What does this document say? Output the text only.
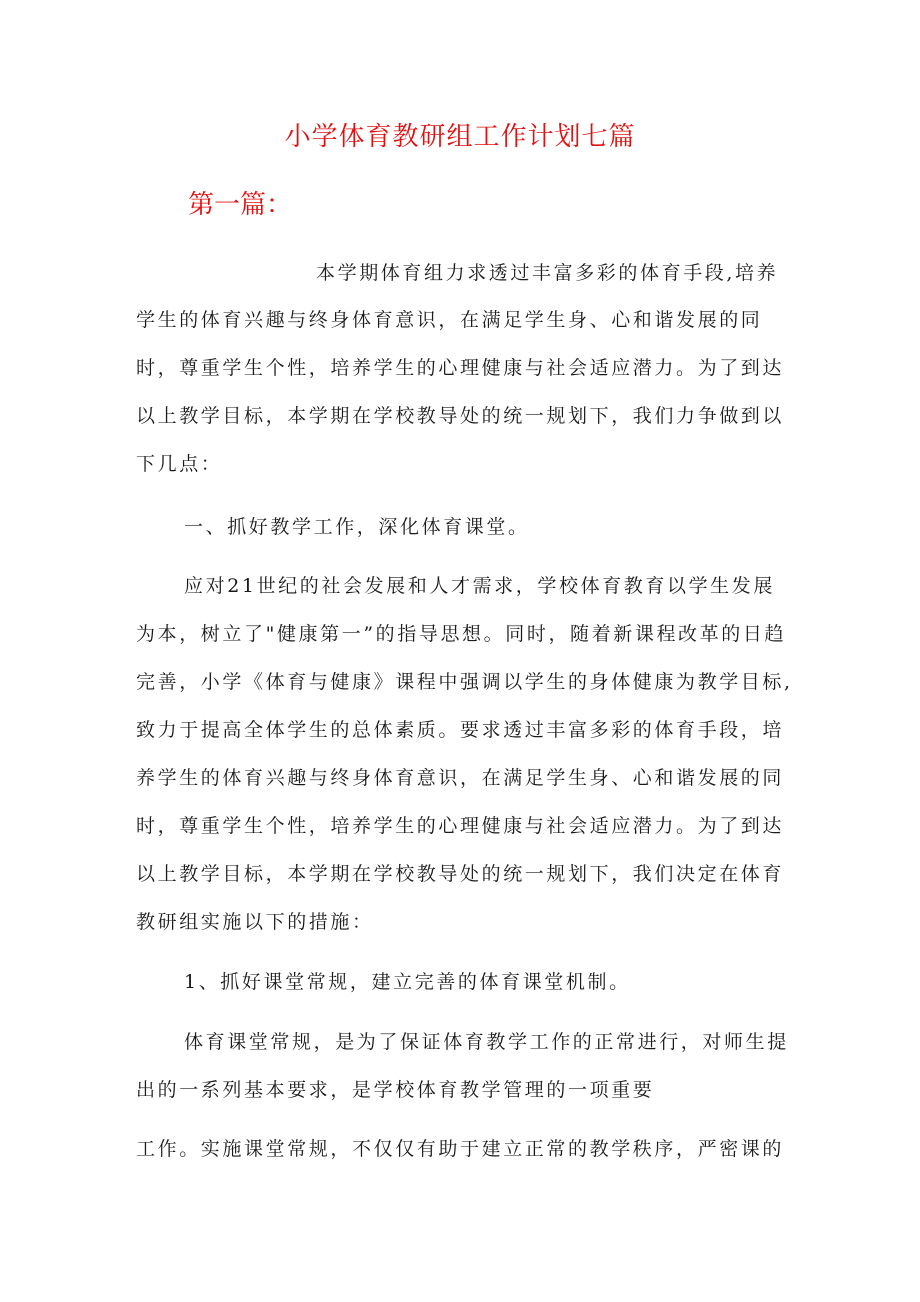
小学体育教研组工作计划七篇
第一篇：
本学期体育组力求透过丰富多彩的体育手段,培养
学生的体育兴趣与终身体育意识，在满足学生身、心和谐发展的同
时，尊重学生个性，培养学生的心理健康与社会适应潜力。为了到达
以上教学目标，本学期在学校教导处的统一规划下，我们力争做到以
下几点：
一、抓好教学工作，深化体育课堂。
应对21世纪的社会发展和人才需求，学校体育教育以学生发展
为本，树立了"健康第一”的指导思想。同时，随着新课程改革的日趋
完善，小学《体育与健康》课程中强调以学生的身体健康为教学目标,
致力于提高全体学生的总体素质。要求透过丰富多彩的体育手段，培
养学生的体育兴趣与终身体育意识，在满足学生身、心和谐发展的同
时，尊重学生个性，培养学生的心理健康与社会适应潜力。为了到达
以上教学目标，本学期在学校教导处的统一规划下，我们决定在体育
教研组实施以下的措施：
1、抓好课堂常规，建立完善的体育课堂机制。
体育课堂常规，是为了保证体育教学工作的正常进行，对师生提
出的一系列基本要求，是学校体育教学管理的一项重要
工作。实施课堂常规，不仅仅有助于建立正常的教学秩序，严密课的
